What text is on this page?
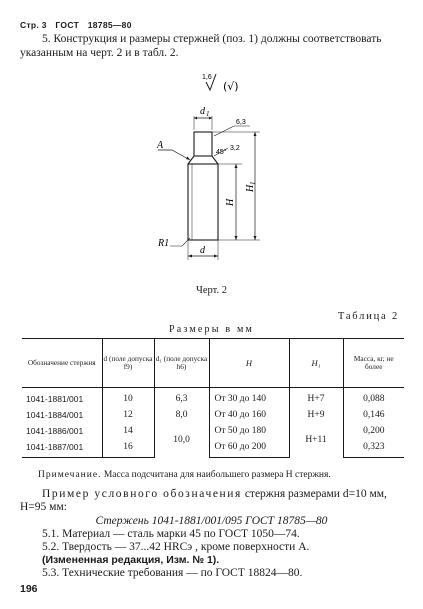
Стр. 3 ГОСТ 18785—80
5. Конструкция и размеры стержней (поз. 1) должны соответствовать указанным на черт. 2 и в табл. 2.
1,6
(√)
d 1
6,3
45°
3,2
А
H
H
1
R1
d
Черт. 2
Таблица 2
Размеры в мм
Обозначение стержня	d (поле допуска f9)	d₁ (поле допуска h6)	H	H₁	Масса, кг, не более
1041-1881/001	10	6,3	От 30 до 140	H+7	0,088
1041-1884/001	12	8,0	От 40 до 160	H+9	0,146
1041-1886/001	14	10,0	От 50 до 180	H+11	0,200
1041-1887/001	16		От 60 до 200		0,323
Примечание. Масса подсчитана для наибольшего размера H стержня.
Пример условного обозначения стержня размерами d=10 мм, H=95 мм:
Стержень 1041-1881/001/095 ГОСТ 18785—80
5.1. Материал — сталь марки 45 по ГОСТ 1050—74.
5.2. Твердость — 37...42 HRCэ , кроме поверхности А.
(Измененная редакция, Изм. № 1).
5.3. Технические требования — по ГОСТ 18824—80.
196
